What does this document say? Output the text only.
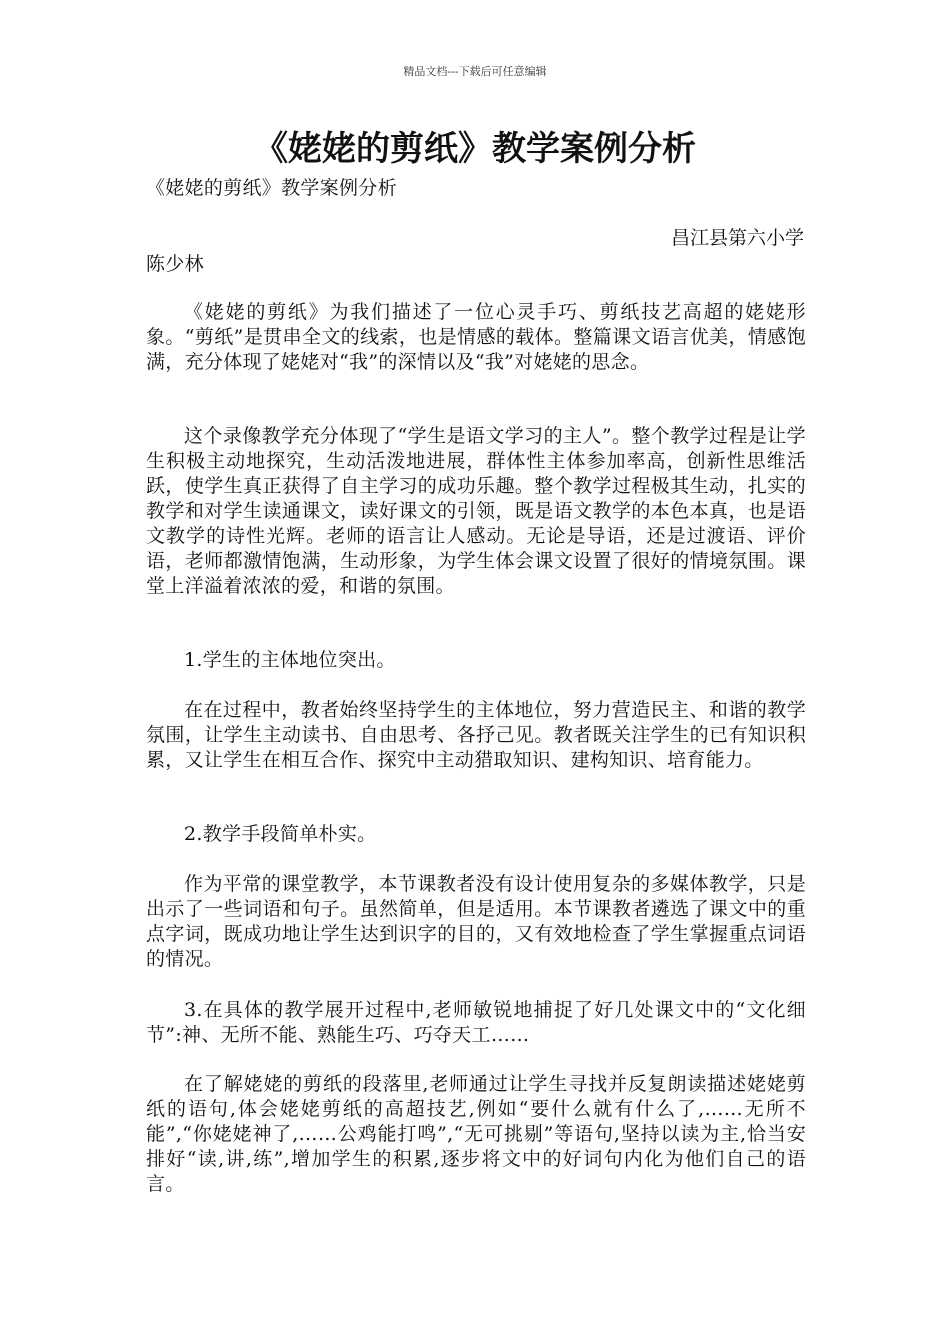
精品文档---下载后可任意编辑
《姥姥的剪纸》教学案例分析

《姥姥的剪纸》教学案例分析

昌江县第六小学

陈少林

《姥姥的剪纸》为我们描述了一位心灵手巧、剪纸技艺高超的姥姥形象。“剪纸”是贯串全文的线索，也是情感的载体。整篇课文语言优美，情感饱满，充分体现了姥姥对“我”的深情以及“我”对姥姥的思念。

这个录像教学充分体现了“学生是语文学习的主人”。整个教学过程是让学生积极主动地探究，生动活泼地进展，群体性主体参加率高，创新性思维活跃，使学生真正获得了自主学习的成功乐趣。整个教学过程极其生动，扎实的教学和对学生读通课文，读好课文的引领，既是语文教学的本色本真，也是语文教学的诗性光辉。老师的语言让人感动。无论是导语，还是过渡语、评价语，老师都激情饱满，生动形象，为学生体会课文设置了很好的情境氛围。课堂上洋溢着浓浓的爱，和谐的氛围。

1.学生的主体地位突出。

在在过程中，教者始终坚持学生的主体地位，努力营造民主、和谐的教学氛围，让学生主动读书、自由思考、各抒己见。教者既关注学生的已有知识积累，又让学生在相互合作、探究中主动猎取知识、建构知识、培育能力。

2.教学手段简单朴实。

作为平常的课堂教学，本节课教者没有设计使用复杂的多媒体教学，只是出示了一些词语和句子。虽然简单，但是适用。本节课教者遴选了课文中的重点字词，既成功地让学生达到识字的目的，又有效地检查了学生掌握重点词语的情况。

3.在具体的教学展开过程中,老师敏锐地捕捉了好几处课文中的“文化细节”:神、无所不能、熟能生巧、巧夺天工……

在了解姥姥的剪纸的段落里,老师通过让学生寻找并反复朗读描述姥姥剪纸的语句,体会姥姥剪纸的高超技艺,例如“要什么就有什么了,……无所不能”,“你姥姥神了,……公鸡能打鸣”,“无可挑剔”等语句,坚持以读为主,恰当安排好“读,讲,练”,增加学生的积累,逐步将文中的好词句内化为他们自己的语言。
